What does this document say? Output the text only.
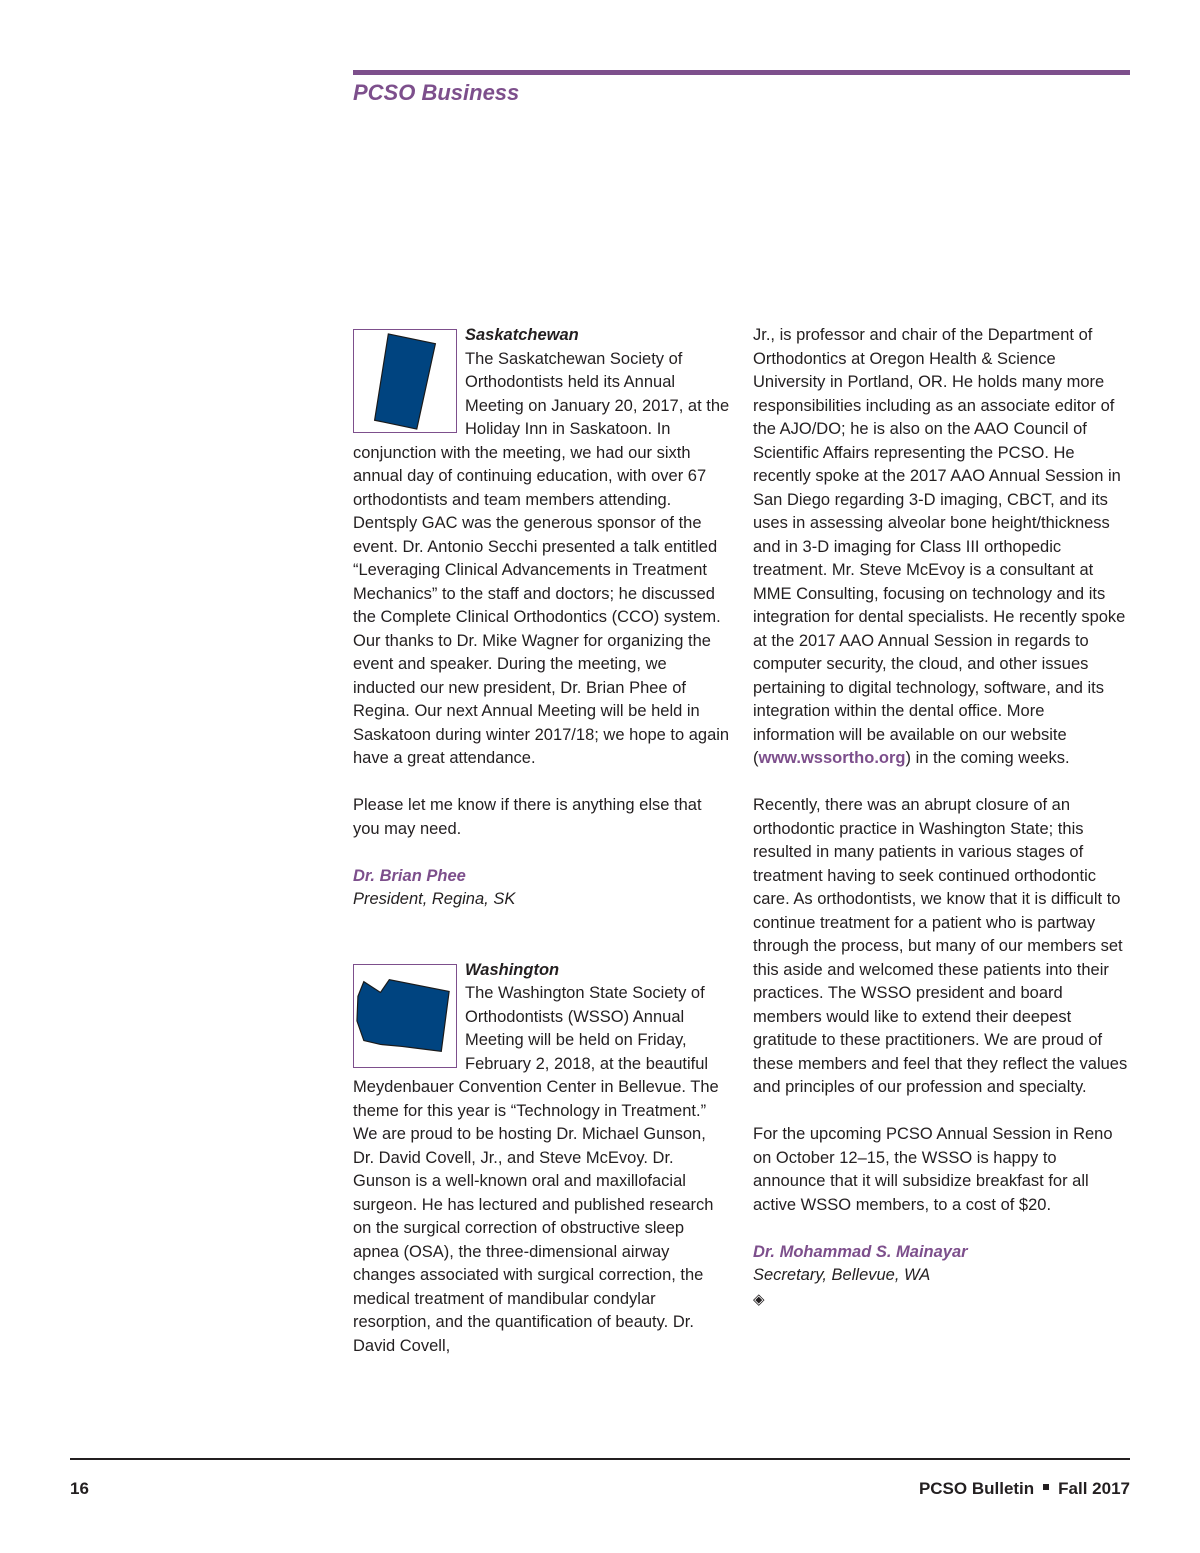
PCSO Business
Saskatchewan

The Saskatchewan Society of Orthodontists held its Annual Meeting on January 20, 2017, at the Holiday Inn in Saskatoon. In conjunction with the meeting, we had our sixth annual day of continuing education, with over 67 orthodontists and team members attending. Dentsply GAC was the generous sponsor of the event. Dr. Antonio Secchi presented a talk entitled “Leveraging Clinical Advancements in Treatment Mechanics” to the staff and doctors; he discussed the Complete Clinical Orthodontics (CCO) system. Our thanks to Dr. Mike Wagner for organizing the event and speaker. During the meeting, we inducted our new president, Dr. Brian Phee of Regina. Our next Annual Meeting will be held in Saskatoon during winter 2017/18; we hope to again have a great attendance.

Please let me know if there is anything else that you may need.

Dr. Brian Phee
President, Regina, SK

Washington

The Washington State Society of Orthodontists (WSSO) Annual Meeting will be held on Friday, February 2, 2018, at the beautiful Meydenbauer Convention Center in Bellevue. The theme for this year is “Technology in Treatment.” We are proud to be hosting Dr. Michael Gunson, Dr. David Covell, Jr., and Steve McEvoy. Dr. Gunson is a well-known oral and maxillofacial surgeon. He has lectured and published research on the surgical correction of obstructive sleep apnea (OSA), the three-dimensional airway changes associated with surgical correction, the medical treatment of mandibular condylar resorption, and the quantification of beauty. Dr. David Covell,

Jr., is professor and chair of the Department of Orthodontics at Oregon Health & Science University in Portland, OR. He holds many more responsibilities including as an associate editor of the AJO/DO; he is also on the AAO Council of Scientific Affairs representing the PCSO. He recently spoke at the 2017 AAO Annual Session in San Diego regarding 3-D imaging, CBCT, and its uses in assessing alveolar bone height/thickness and in 3-D imaging for Class III orthopedic treatment. Mr. Steve McEvoy is a consultant at MME Consulting, focusing on technology and its integration for dental specialists. He recently spoke at the 2017 AAO Annual Session in regards to computer security, the cloud, and other issues pertaining to digital technology, software, and its integration within the dental office. More information will be available on our website (www.wssortho.org) in the coming weeks.

Recently, there was an abrupt closure of an orthodontic practice in Washington State; this resulted in many patients in various stages of treatment having to seek continued orthodontic care. As orthodontists, we know that it is difficult to continue treatment for a patient who is partway through the process, but many of our members set this aside and welcomed these patients into their practices. The WSSO president and board members would like to extend their deepest gratitude to these practitioners. We are proud of these members and feel that they reflect the values and principles of our profession and specialty.

For the upcoming PCSO Annual Session in Reno on October 12–15, the WSSO is happy to announce that it will subsidize breakfast for all active WSSO members, to a cost of $20.

Dr. Mohammad S. Mainayar
Secretary, Bellevue, WA
◈

16	PCSO Bulletin Fall 2017
